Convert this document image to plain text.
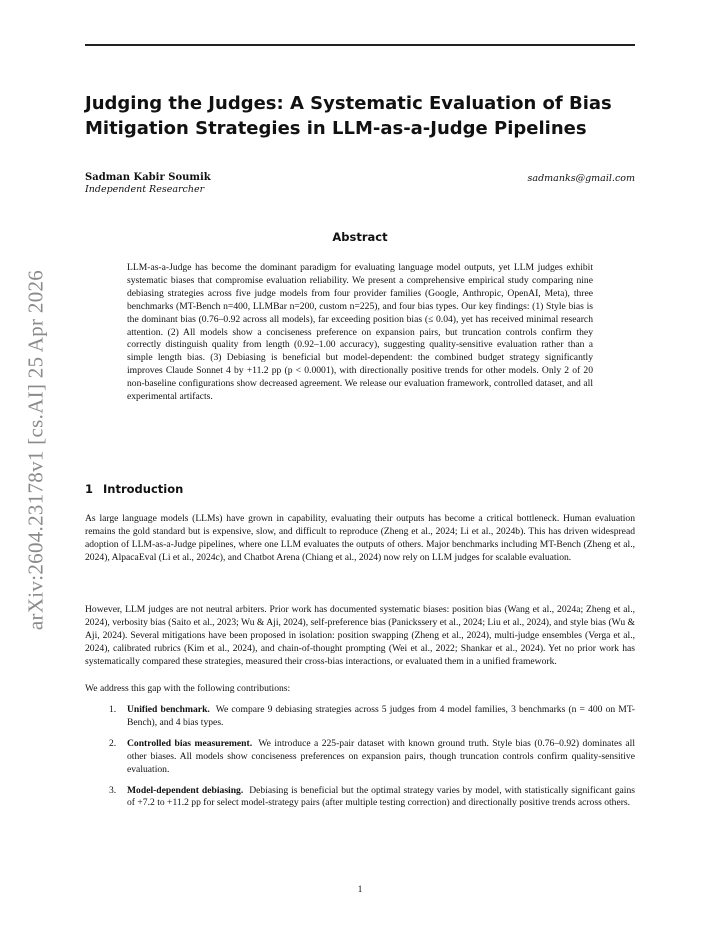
arXiv:2604.23178v1 [cs.AI] 25 Apr 2026
Judging the Judges: A Systematic Evaluation of Bias Mitigation Strategies in LLM-as-a-Judge Pipelines
Sadman Kabir Soumik
Independent Researcher
sadmanks@gmail.com
Abstract

LLM-as-a-Judge has become the dominant paradigm for evaluating language model outputs, yet LLM judges exhibit systematic biases that compromise evaluation reliability. We present a comprehensive empirical study comparing nine debiasing strategies across five judge models from four provider families (Google, Anthropic, OpenAI, Meta), three benchmarks (MT-Bench n=400, LLMBar n=200, custom n=225), and four bias types. Our key findings: (1) Style bias is the dominant bias (0.76–0.92 across all models), far exceeding position bias (≤ 0.04), yet has received minimal research attention. (2) All models show a conciseness preference on expansion pairs, but truncation controls confirm they correctly distinguish quality from length (0.92–1.00 accuracy), suggesting quality-sensitive evaluation rather than a simple length bias. (3) Debiasing is beneficial but model-dependent: the combined budget strategy significantly improves Claude Sonnet 4 by +11.2 pp (p < 0.0001), with directionally positive trends for other models. Only 2 of 20 non-baseline configurations show decreased agreement. We release our evaluation framework, controlled dataset, and all experimental artifacts.

1 Introduction

As large language models (LLMs) have grown in capability, evaluating their outputs has become a critical bottleneck. Human evaluation remains the gold standard but is expensive, slow, and difficult to reproduce (Zheng et al., 2024; Li et al., 2024b). This has driven widespread adoption of LLM-as-a-Judge pipelines, where one LLM evaluates the outputs of others. Major benchmarks including MT-Bench (Zheng et al., 2024), AlpacaEval (Li et al., 2024c), and Chatbot Arena (Chiang et al., 2024) now rely on LLM judges for scalable evaluation.

However, LLM judges are not neutral arbiters. Prior work has documented systematic biases: position bias (Wang et al., 2024a; Zheng et al., 2024), verbosity bias (Saito et al., 2023; Wu & Aji, 2024), self-preference bias (Panickssery et al., 2024; Liu et al., 2024), and style bias (Wu & Aji, 2024). Several mitigations have been proposed in isolation: position swapping (Zheng et al., 2024), multi-judge ensembles (Verga et al., 2024), calibrated rubrics (Kim et al., 2024), and chain-of-thought prompting (Wei et al., 2022; Shankar et al., 2024). Yet no prior work has systematically compared these strategies, measured their cross-bias interactions, or evaluated them in a unified framework.

We address this gap with the following contributions:

1. Unified benchmark. We compare 9 debiasing strategies across 5 judges from 4 model families, 3 benchmarks (n = 400 on MT-Bench), and 4 bias types.
2. Controlled bias measurement. We introduce a 225-pair dataset with known ground truth. Style bias (0.76–0.92) dominates all other biases. All models show conciseness preferences on expansion pairs, though truncation controls confirm quality-sensitive evaluation.
3. Model-dependent debiasing. Debiasing is beneficial but the optimal strategy varies by model, with statistically significant gains of +7.2 to +11.2 pp for select model-strategy pairs (after multiple testing correction) and directionally positive trends across others.
1
